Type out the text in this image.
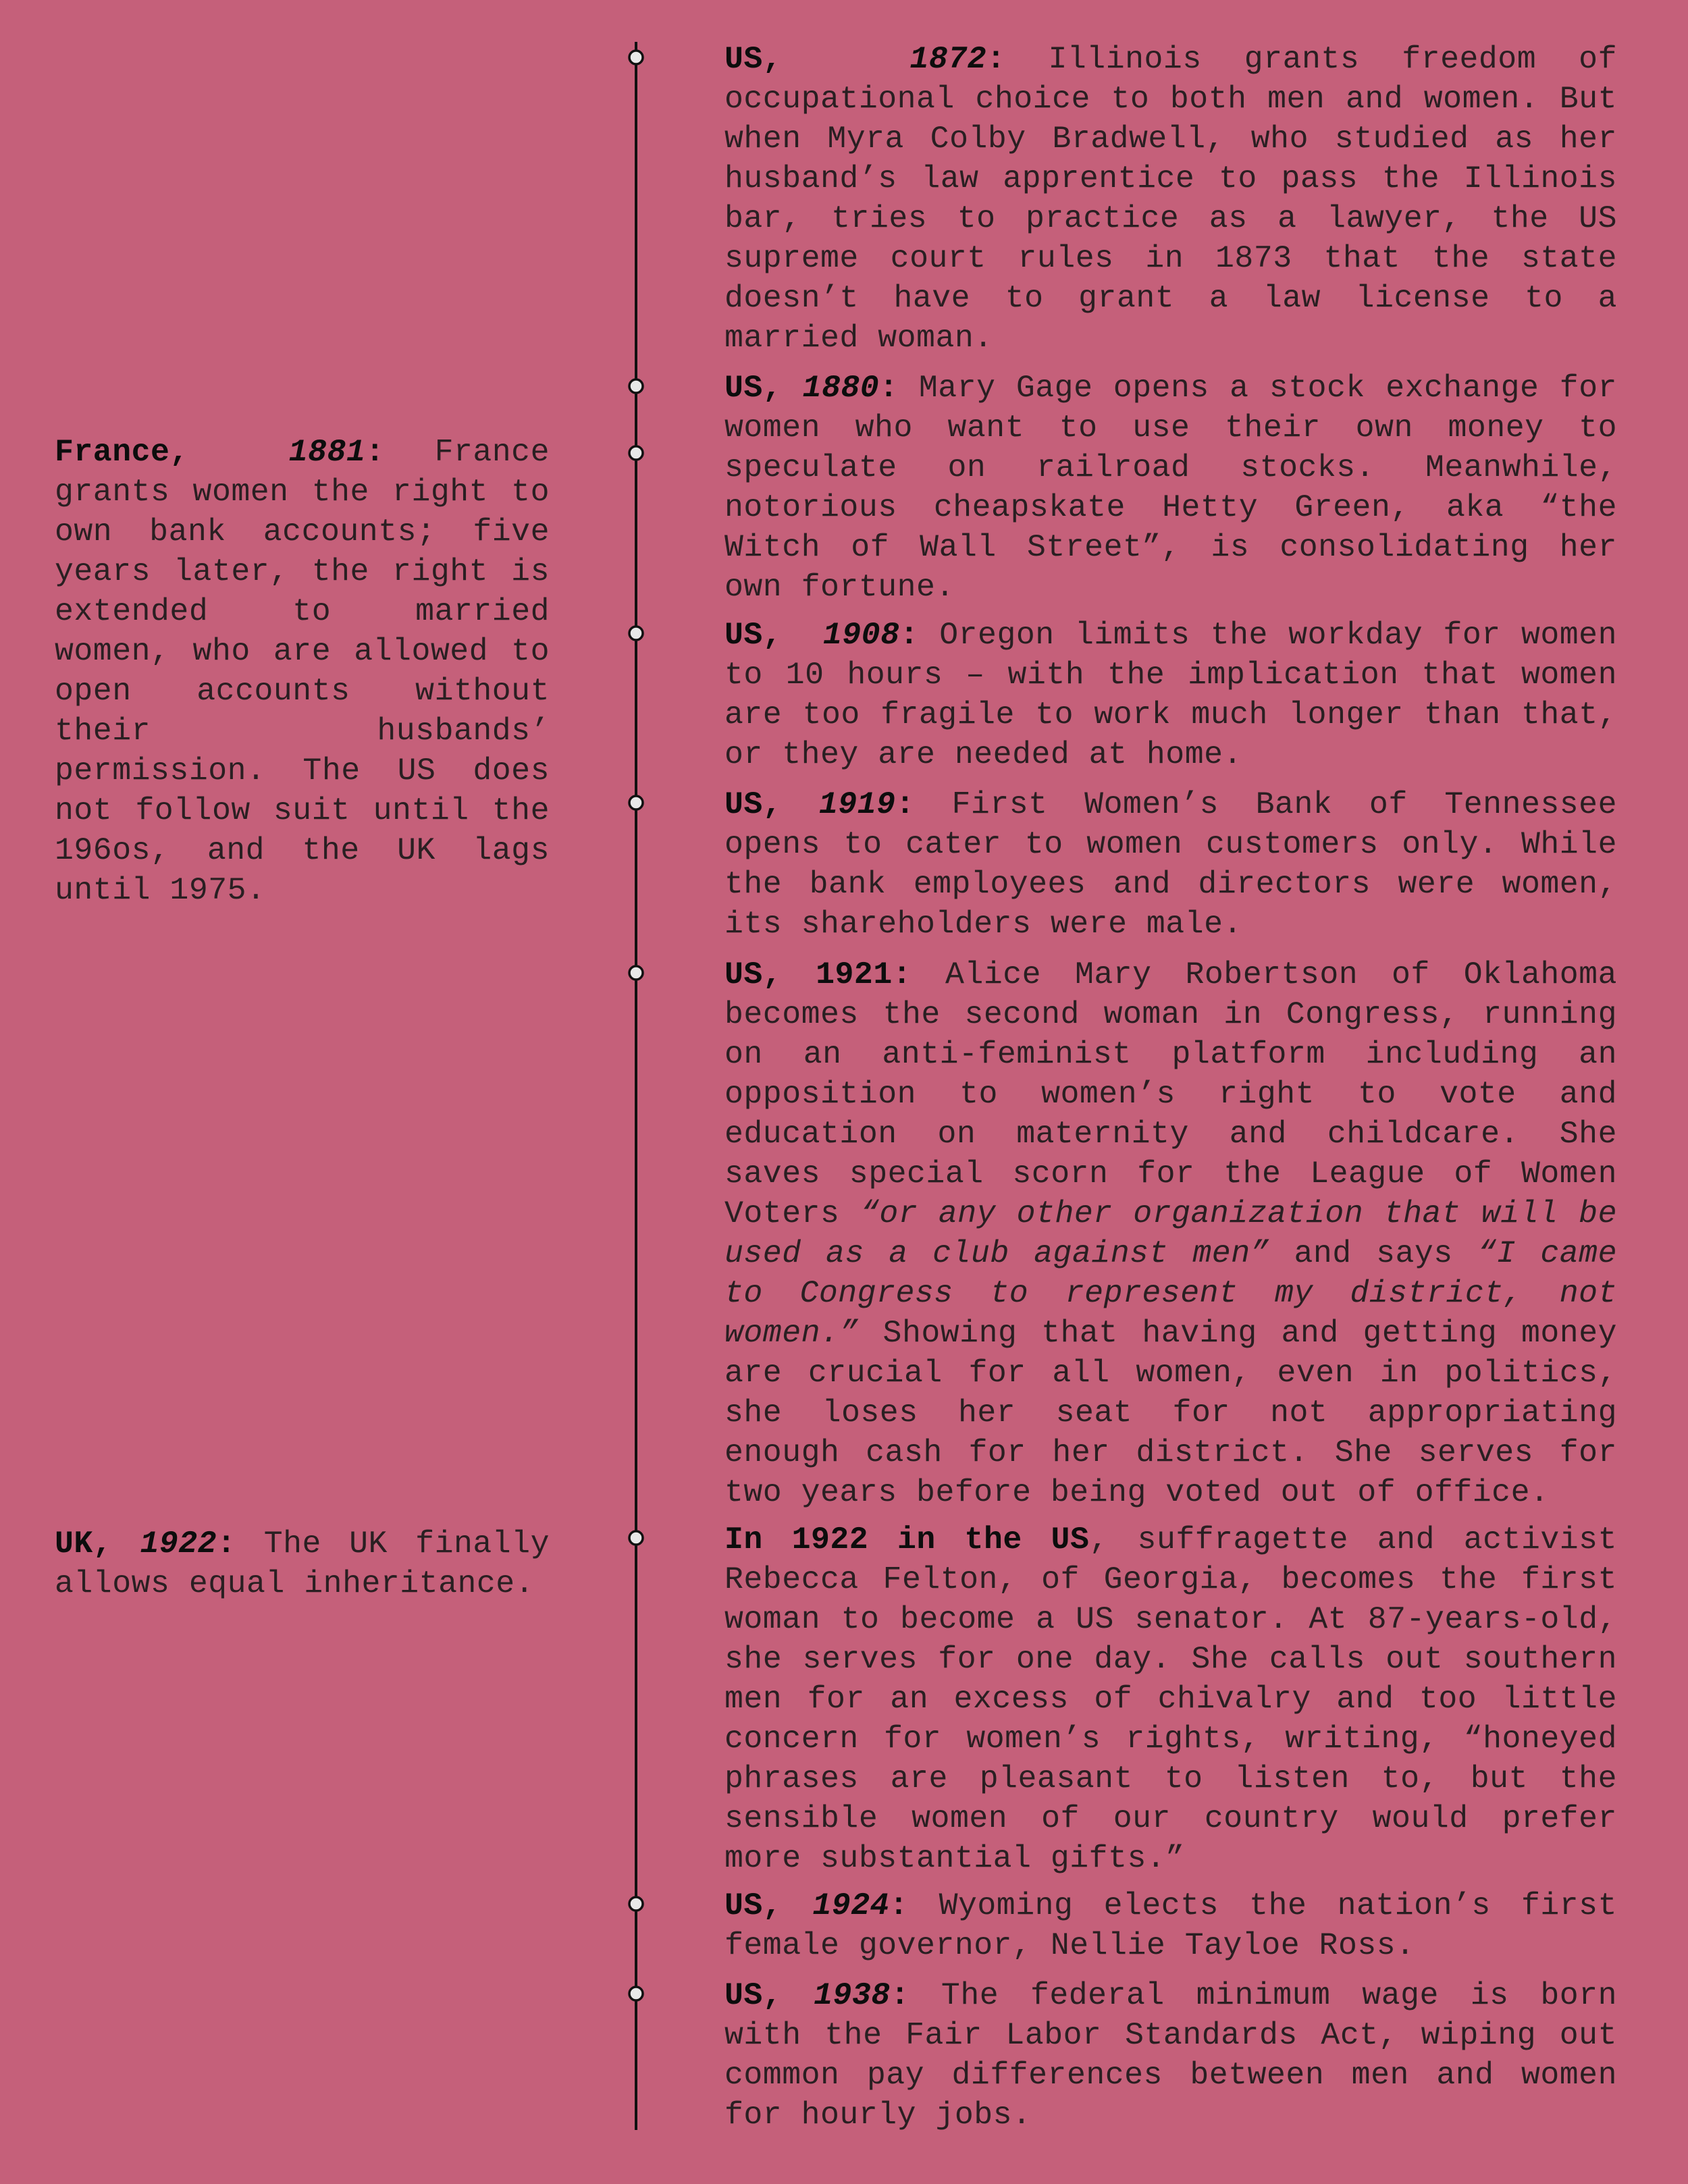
US,	1872: Illinois grants freedom of occupational choice to both men and women. But when Myra Colby Bradwell, who studied as her husband’s law apprentice to pass the Illinois bar, tries to practice as a lawyer, the US supreme court rules in 1873 that the state doesn’t have to grant a law license to a married woman.

US, 1880: Mary Gage opens a stock exchange for women who want to use their own money to speculate on railroad stocks. Meanwhile, notorious cheapskate Hetty Green, aka “the Witch of Wall Street”, is consolidating her own fortune.

US, 1908: Oregon limits the workday for women to 10 hours – with the implication that women are too fragile to work much longer than that, or they are needed at home.

US, 1919: First Women’s Bank of Tennessee opens to cater to women customers only. While the bank employees and directors were women, its shareholders were male.

US, 1921: Alice Mary Robertson of Oklahoma becomes the second woman in Congress, running on an anti-feminist platform including an opposition to women’s right to vote and education on maternity and childcare. She saves special scorn for the League of Women Voters “or any other organization that will be used as a club against men” and says “I came to Congress to represent my district, not women.” Showing that having and getting money are crucial for all women, even in politics, she loses her seat for not appropriating enough cash for her district. She serves for two years before being voted out of office.

In 1922 in the US, suffragette and activist Rebecca Felton, of Georgia, becomes the first woman to become a US senator. At 87-years-old, she serves for one day. She calls out southern men for an excess of chivalry and too little concern for women’s rights, writing, “honeyed phrases are pleasant to listen to, but the sensible women of our country would prefer more substantial gifts.”

US, 1924: Wyoming elects the nation’s first female governor, Nellie Tayloe Ross.

US, 1938: The federal minimum wage is born with the Fair Labor Standards Act, wiping out common pay differences between men and women for hourly jobs.

France,	1881: France grants women the right to own bank accounts; five years later, the right is extended to married women, who are allowed to open accounts without their husbands’ permission. The US does not follow suit until the 196os, and the UK lags until 1975.

UK, 1922: The UK finally allows equal inheritance.
